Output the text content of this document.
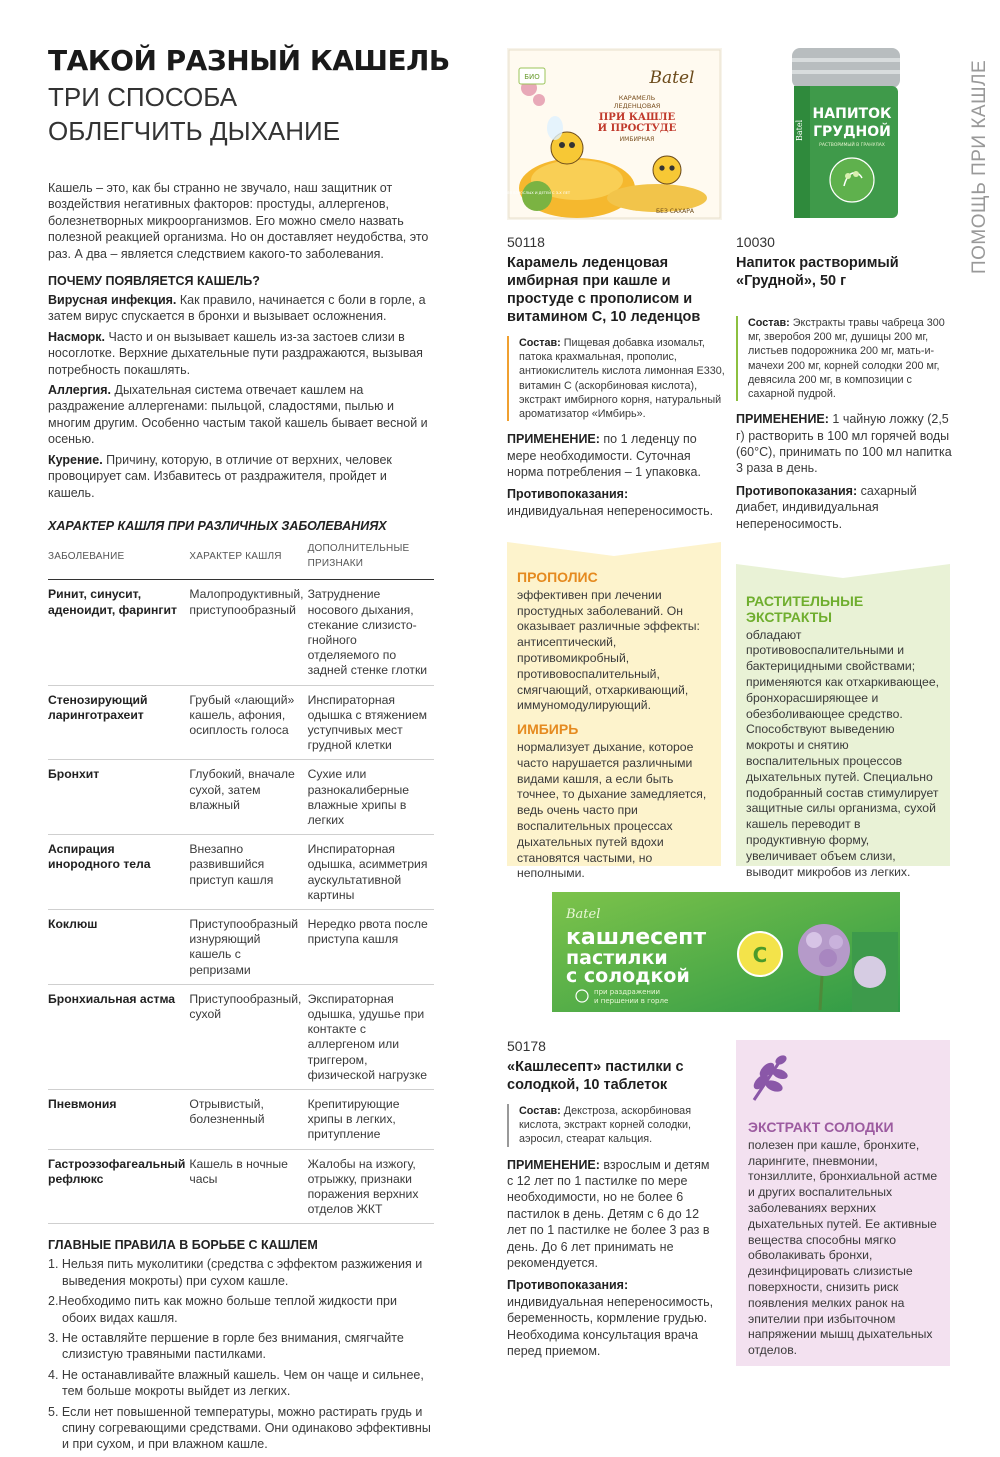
ТАКОЙ РАЗНЫЙ КАШЕЛЬ
ТРИ СПОСОБА
ОБЛЕГЧИТЬ ДЫХАНИЕ	ПОМОЩЬ ПРИ КАШЛЕ

Кашель – это, как бы странно не звучало, наш защитник от воздействия негативных факторов: простуды, аллергенов, болезнетворных микроорганизмов. Его можно смело назвать полезной реакцией организма. Но он доставляет неудобства, это раз. А два – является следствием какого-то заболевания.

ПОЧЕМУ ПОЯВЛЯЕТСЯ КАШЕЛЬ?

Вирусная инфекция. Как правило, начинается с боли в горле, а затем вирус спускается в бронхи и вызывает осложнения.

Насморк. Часто и он вызывает кашель из-за застоев слизи в носоглотке. Верхние дыхательные пути раздражаются, вызывая потребность покашлять.

Аллергия. Дыхательная система отвечает кашлем на раздражение аллергенами: пыльцой, сладостями, пылью и многим другим. Особенно частым такой кашель бывает весной и осенью.

Курение. Причину, которую, в отличие от верхних, человек провоцирует сам. Избавитесь от раздражителя, пройдет и кашель.

ХАРАКТЕР КАШЛЯ ПРИ РАЗЛИЧНЫХ ЗАБОЛЕВАНИЯХ
ЗАБОЛЕВАНИЕ	ХАРАКТЕР КАШЛЯ	ДОПОЛНИТЕЛЬНЫЕ ПРИЗНАКИ
Ринит, синусит, аденоидит, фарингит	Малопродуктивный, приступообразный	Затруднение носового дыхания, стекание слизисто-гнойного отделяемого по задней стенке глотки
Стенозирующий ларинготрахеит	Грубый «лающий» кашель, афония, осиплость голоса	Инспираторная одышка с втяжением уступчивых мест грудной клетки
Бронхит	Глубокий, вначале сухой, затем влажный	Сухие или разнокалиберные влажные хрипы в легких
Аспирация инородного тела	Внезапно развившийся приступ кашля	Инспираторная одышка, асимметрия аускультативной картины
Коклюш	Приступообразный изнуряющий кашель с репризами	Нередко рвота после приступа кашля
Бронхиальная астма	Приступообразный, сухой	Экспираторная одышка, удушье при контакте с аллергеном или триггером, физической нагрузке
Пневмония	Отрывистый, болезненный	Крепитирующие хрипы в легких, притупление
Гастроэзофагеальный рефлюкс	Кашель в ночные часы	Жалобы на изжогу, отрыжку, признаки поражения верхних отделов ЖКТ
ГЛАВНЫЕ ПРАВИЛА В БОРЬБЕ С КАШЛЕМ
1. Нельзя пить муколитики (средства с эффектом разжижения и выведения мокроты) при сухом кашле.
2.Необходимо пить как можно больше теплой жидкости при обоих видах кашля.
3. Не оставляйте першение в горле без внимания, смягчайте слизистую травяными пастилками.
4. Не останавливайте влажный кашель. Чем он чаще и сильнее, тем больше мокроты выйдет из легких.
5. Если нет повышенной температуры, можно растирать грудь и спину согревающими средствами. Они одинаково эффективны и при сухом, и при влажном кашле.
БИО	Batel
КАРАМЕЛЬ
ЛЕДЕНЦОВАЯ
ПРИ КАШЛЕ
И ПРОСТУДЕ
ИМБИРНАЯ
ДЛЯ ВЗРОСЛЫХ И ДЕТЕЙ С 3-Х ЛЕТ
БЕЗ САХАРА
Batel
НАПИТОК
ГРУДНОЙ
РАСТВОРИМЫЙ В ГРАНУЛАХ
50118
Карамель леденцовая имбирная при кашле и простуде с прополисом и витамином С, 10 леденцов
Состав: Пищевая добавка изомальт, патока крахмальная, прополис, антиокислитель кислота лимонная Е330, витамин С (аскорбиновая кислота), экстракт имбирного корня, натуральный ароматизатор «Имбирь».
ПРИМЕНЕНИЕ: по 1 леденцу по мере необходимости. Суточная норма потребления – 1 упаковка.
Противопоказания: индивидуальная непереносимость.
10030
Напиток растворимый «Грудной», 50 г
Состав: Экстракты травы чабреца 300 мг, зверобоя 200 мг, душицы 200 мг, листьев подорожника 200 мг, мать-и-мачехи 200 мг, корней солодки 200 мг, девясила 200 мг, в композиции с сахарной пудрой.
ПРИМЕНЕНИЕ: 1 чайную ложку (2,5 г) растворить в 100 мл горячей воды (60°С), принимать по 100 мл напитка 3 раза в день.
Противопоказания: сахарный диабет, индивидуальная непереносимость.
ПРОПОЛИС

эффективен при лечении простудных заболеваний. Он оказывает различные эффекты: антисептический, противомикробный, противовоспалительный, смягчающий, отхаркивающий, иммуномодулирующий.

ИМБИРЬ

нормализует дыхание, которое часто нарушается различными видами кашля, а если быть точнее, то дыхание замедляется, ведь очень часто при воспалительных процессах дыхательных путей вдохи становятся частыми, но неполными.

РАСТИТЕЛЬНЫЕ ЭКСТРАКТЫ

обладают противовоспалительными и бактерицидными свойствами; применяются как отхаркивающее, бронхорасширяющее и обезболивающее средство. Способствуют выведению мокроты и снятию воспалительных процессов дыхательных путей. Специально подобранный состав стимулирует защитные силы организма, сухой кашель переводит в продуктивную форму, увеличивает объем слизи, выводит микробов из легких.

Batel
кашлесепт
пастилки
с солодкой
при раздражении
и першении в горле
С
50178
«Кашлесепт» пастилки с солодкой, 10 таблеток
Состав: Декстроза, аскорбиновая кислота, экстракт корней солодки, аэросил, стеарат кальция.
ПРИМЕНЕНИЕ: взрослым и детям с 12 лет по 1 пастилке по мере необходимости, но не более 6 пастилок в день. Детям с 6 до 12 лет по 1 пастилке не более 3 раз в день. До 6 лет принимать не рекомендуется.
Противопоказания: индивидуальная непереносимость, беременность, кормление грудью. Необходима консультация врача перед приемом.
ЭКСТРАКТ СОЛОДКИ

полезен при кашле, бронхите, ларингите, пневмонии, тонзиллите, бронхиальной астме и других воспалительных заболеваниях верхних дыхательных путей. Ее активные вещества способны мягко обволакивать бронхи, дезинфицировать слизистые поверхности, снизить риск появления мелких ранок на эпителии при избыточном напряжении мышц дыхательных отделов.
